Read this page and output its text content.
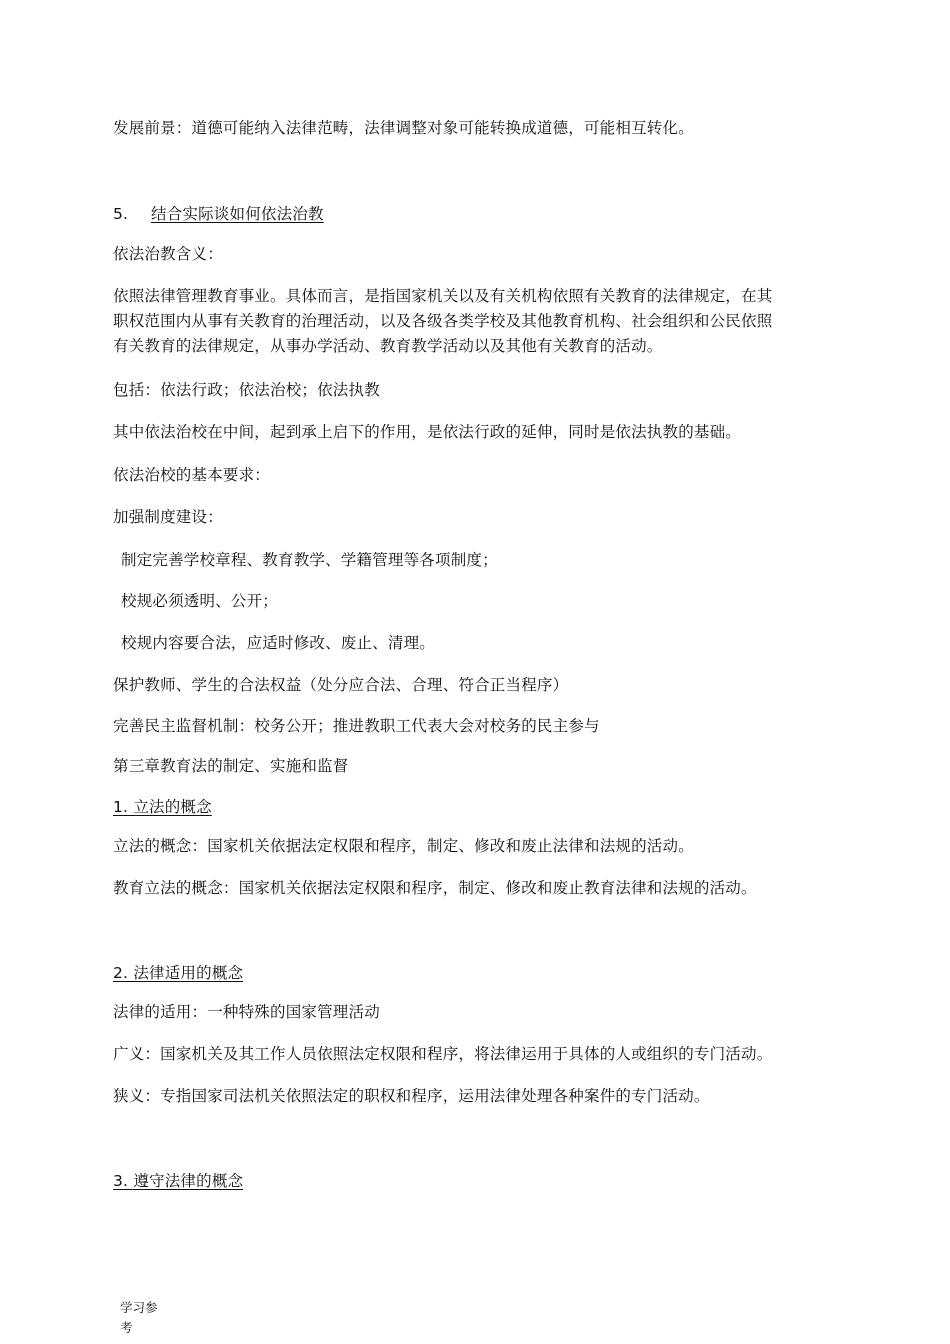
发展前景：道德可能纳入法律范畴，法律调整对象可能转换成道德，可能相互转化。
5. 结合实际谈如何依法治教
依法治教含义：
依照法律管理教育事业。具体而言，是指国家机关以及有关机构依照有关教育的法律规定，在其
职权范围内从事有关教育的治理活动，以及各级各类学校及其他教育机构、社会组织和公民依照
有关教育的法律规定，从事办学活动、教育教学活动以及其他有关教育的活动。
包括：依法行政；依法治校；依法执教
其中依法治校在中间，起到承上启下的作用，是依法行政的延伸，同时是依法执教的基础。
依法治校的基本要求：
加强制度建设：
制定完善学校章程、教育教学、学籍管理等各项制度；
校规必须透明、公开；
校规内容要合法，应适时修改、废止、清理。
保护教师、学生的合法权益（处分应合法、合理、符合正当程序）
完善民主监督机制：校务公开；推进教职工代表大会对校务的民主参与
第三章教育法的制定、实施和监督
1. 立法的概念
立法的概念：国家机关依据法定权限和程序，制定、修改和废止法律和法规的活动。
教育立法的概念：国家机关依据法定权限和程序，制定、修改和废止教育法律和法规的活动。
2. 法律适用的概念
法律的适用：一种特殊的国家管理活动
广义：国家机关及其工作人员依照法定权限和程序，将法律运用于具体的人或组织的专门活动。
狭义：专指国家司法机关依照法定的职权和程序，运用法律处理各种案件的专门活动。
3. 遵守法律的概念
学习参
考
